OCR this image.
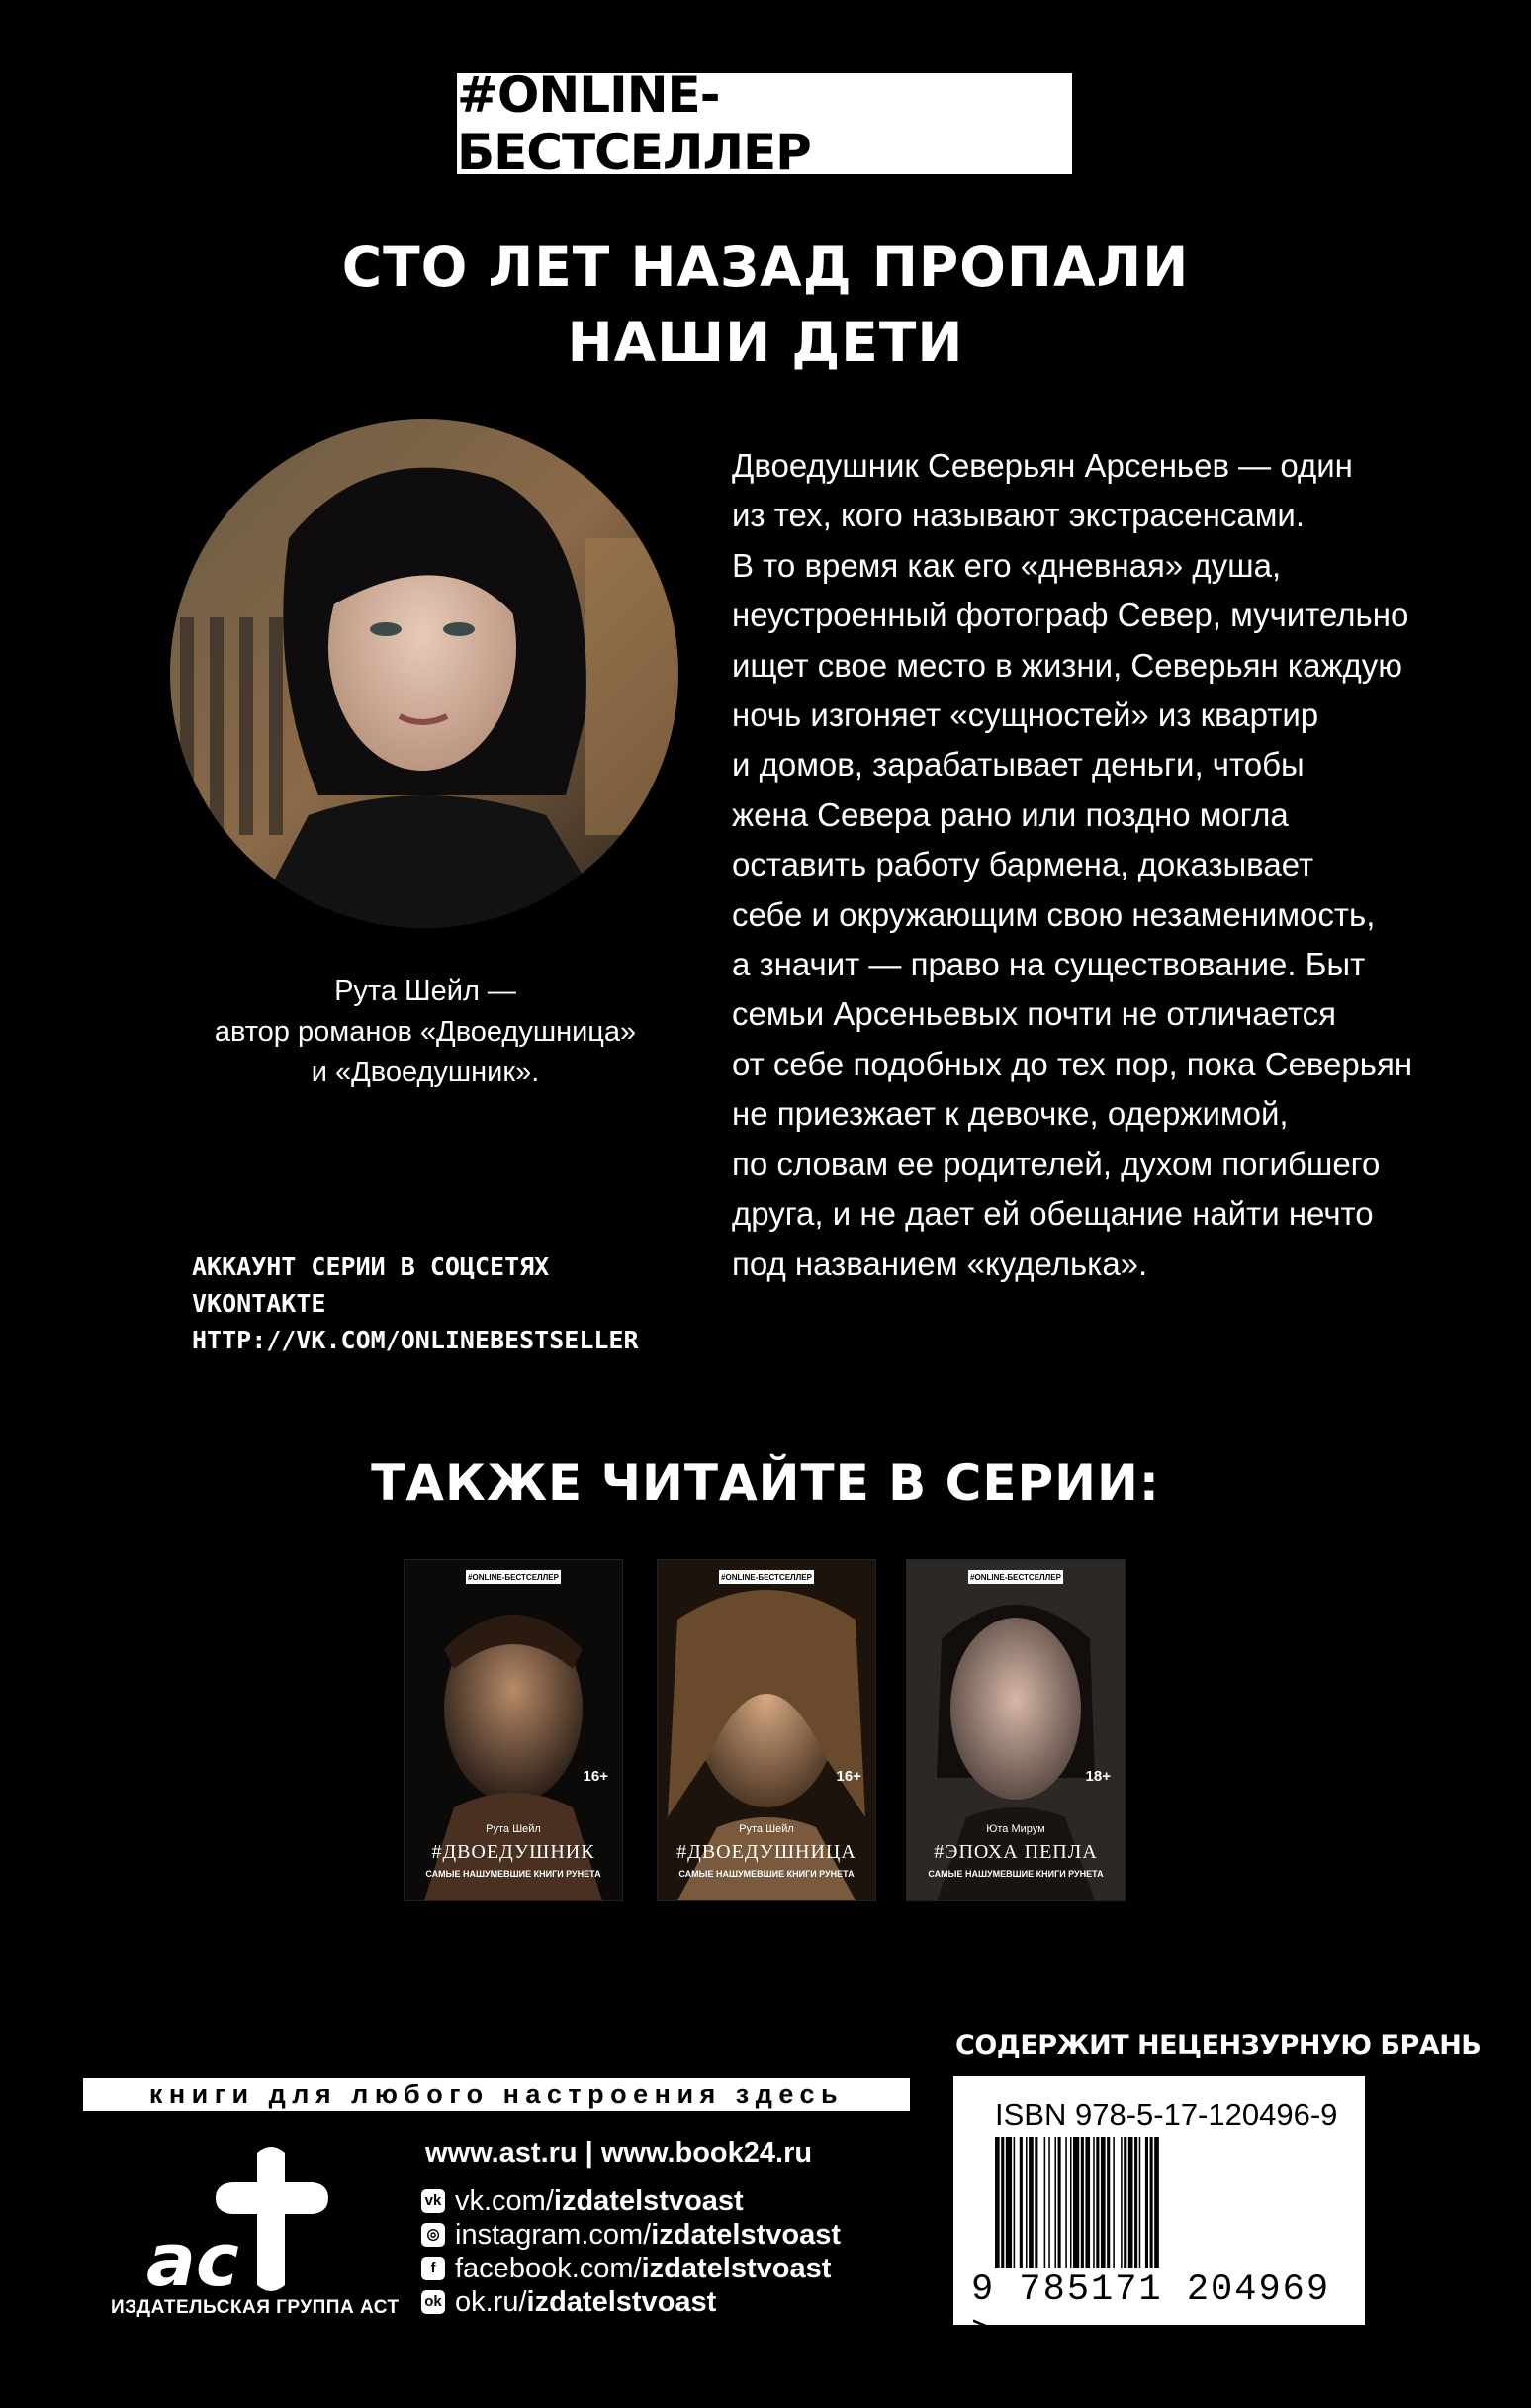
#ONLINE-БЕСТСЕЛЛЕР
СТО ЛЕТ НАЗАД ПРОПАЛИ
НАШИ ДЕТИ
Рута Шейл —
автор романов «Двоедушница»
и «Двоедушник».
Двоедушник Северьян Арсеньев — один
из тех, кого называют экстрасенсами.
В то время как его «дневная» душа,
неустроенный фотограф Север, мучительно
ищет свое место в жизни, Северьян каждую
ночь изгоняет «сущностей» из квартир
и домов, зарабатывает деньги, чтобы
жена Севера рано или поздно могла
оставить работу бармена, доказывает
себе и окружающим свою незаменимость,
а значит — право на существование. Быт
семьи Арсеньевых почти не отличается
от себе подобных до тех пор, пока Северьян
не приезжает к девочке, одержимой,
по словам ее родителей, духом погибшего
друга, и не дает ей обещание найти нечто
под названием «куделька».
АККАУНТ СЕРИИ В СОЦСЕТЯХ
VKONTAKTE
HTTP://VK.COM/ONLINEBESTSELLER
ТАКЖЕ ЧИТАЙТЕ В СЕРИИ:
#ONLINE-БЕСТСЕЛЛЕР
16+
Рута Шейл
#ДВОЕДУШНИК
САМЫЕ НАШУМЕВШИЕ КНИГИ РУНЕТА
#ONLINE-БЕСТСЕЛЛЕР
16+
Рута Шейл
#ДВОЕДУШНИЦА
САМЫЕ НАШУМЕВШИЕ КНИГИ РУНЕТА
#ONLINE-БЕСТСЕЛЛЕР
18+
Юта Мирум
#ЭПОХА ПЕПЛА
САМЫЕ НАШУМЕВШИЕ КНИГИ РУНЕТА
СОДЕРЖИТ НЕЦЕНЗУРНУЮ БРАНЬ
книги для любого настроения здесь
ac
ИЗДАТЕЛЬСКАЯ ГРУППА АСТ
www.ast.ru | www.book24.ru
vk vk.com/ izdatelstvoast
◎ instagram.com/ izdatelstvoast
f facebook.com/ izdatelstvoast
ok ok.ru/ izdatelstvoast
ISBN 978-5-17-120496-9
9 785171 204969 >
